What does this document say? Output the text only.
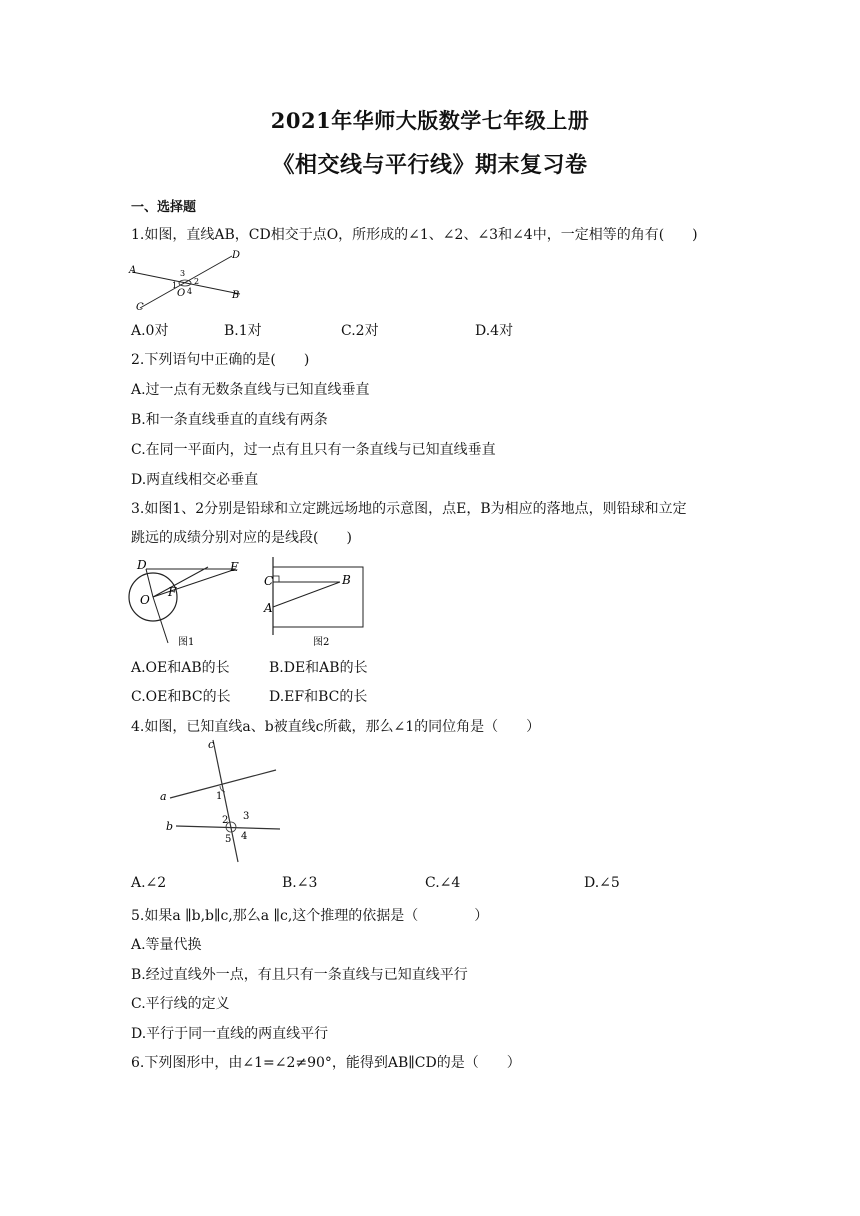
2021年华师大版数学七年级上册
《相交线与平行线》期末复习卷
一、选择题
1.如图，直线AB，CD相交于点O，所形成的∠1、∠2、∠3和∠4中，一定相等的角有(　　)
A
D
3
1 2
O 4
C
B
A.0对	B.1对	C.2对	D.4对
2.下列语句中正确的是(　　)
A.过一点有无数条直线与已知直线垂直
B.和一条直线垂直的直线有两条
C.在同一平面内，过一点有且只有一条直线与已知直线垂直
D.两直线相交必垂直
3.如图1、2分别是铅球和立定跳远场地的示意图，点E，B为相应的落地点，则铅球和立定
跳远的成绩分别对应的是线段(　　)
D	E
O
F
图1
C	B
A
图2
A.OE和AB的长	B.DE和AB的长
C.OE和BC的长	D.EF和BC的长
4.如图，已知直线a、b被直线c所截，那么∠1的同位角是（　　）
c
a	1
b	2 3
5 4
A.∠2	B.∠3	C.∠4	D.∠5
5.如果a ∥b,b∥c,那么a ∥c,这个推理的依据是（　　　　）
A.等量代换
B.经过直线外一点，有且只有一条直线与已知直线平行
C.平行线的定义
D.平行于同一直线的两直线平行
6.下列图形中，由∠1=∠2≠90°，能得到AB∥CD的是（　　）
